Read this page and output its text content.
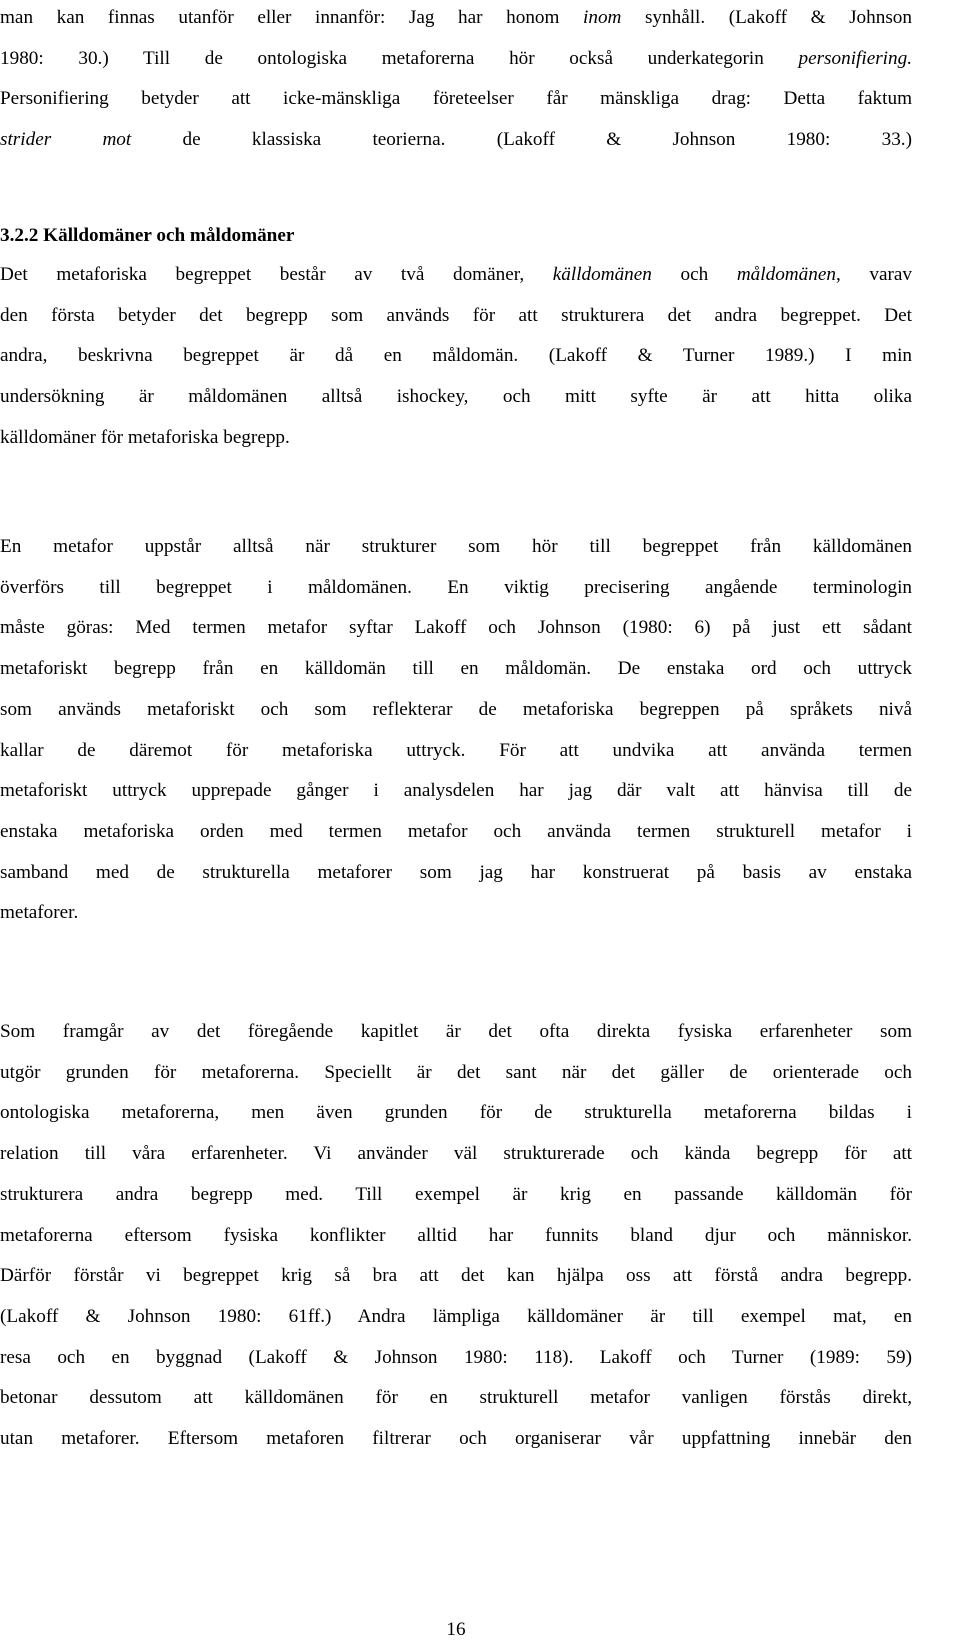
man kan finnas utanför eller innanför: Jag har honom inom synhåll. (Lakoff & Johnson
1980: 30.) Till de ontologiska metaforerna hör också underkategorin personifiering.
Personifiering betyder att icke-mänskliga företeelser får mänskliga drag: Detta faktum
strider mot de klassiska teorierna. (Lakoff & Johnson 1980: 33.)
3.2.2 Källdomäner och måldomäner
Det metaforiska begreppet består av två domäner, källdomänen och måldomänen, varav
den första betyder det begrepp som används för att strukturera det andra begreppet. Det
andra, beskrivna begreppet är då en måldomän. (Lakoff & Turner 1989.) I min
undersökning är måldomänen alltså ishockey, och mitt syfte är att hitta olika
källdomäner för metaforiska begrepp.
En metafor uppstår alltså när strukturer som hör till begreppet från källdomänen
överförs till begreppet i måldomänen. En viktig precisering angående terminologin
måste göras: Med termen metafor syftar Lakoff och Johnson (1980: 6) på just ett sådant
metaforiskt begrepp från en källdomän till en måldomän. De enstaka ord och uttryck
som används metaforiskt och som reflekterar de metaforiska begreppen på språkets nivå
kallar de däremot för metaforiska uttryck. För att undvika att använda termen
metaforiskt uttryck upprepade gånger i analysdelen har jag där valt att hänvisa till de
enstaka metaforiska orden med termen metafor och använda termen strukturell metafor i
samband med de strukturella metaforer som jag har konstruerat på basis av enstaka
metaforer.
Som framgår av det föregående kapitlet är det ofta direkta fysiska erfarenheter som
utgör grunden för metaforerna. Speciellt är det sant när det gäller de orienterade och
ontologiska metaforerna, men även grunden för de strukturella metaforerna bildas i
relation till våra erfarenheter. Vi använder väl strukturerade och kända begrepp för att
strukturera andra begrepp med. Till exempel är krig en passande källdomän för
metaforerna eftersom fysiska konflikter alltid har funnits bland djur och människor.
Därför förstår vi begreppet krig så bra att det kan hjälpa oss att förstå andra begrepp.
(Lakoff & Johnson 1980: 61ff.) Andra lämpliga källdomäner är till exempel mat, en
resa och en byggnad (Lakoff & Johnson 1980: 118). Lakoff och Turner (1989: 59)
betonar dessutom att källdomänen för en strukturell metafor vanligen förstås direkt,
utan metaforer. Eftersom metaforen filtrerar och organiserar vår uppfattning innebär den
16
